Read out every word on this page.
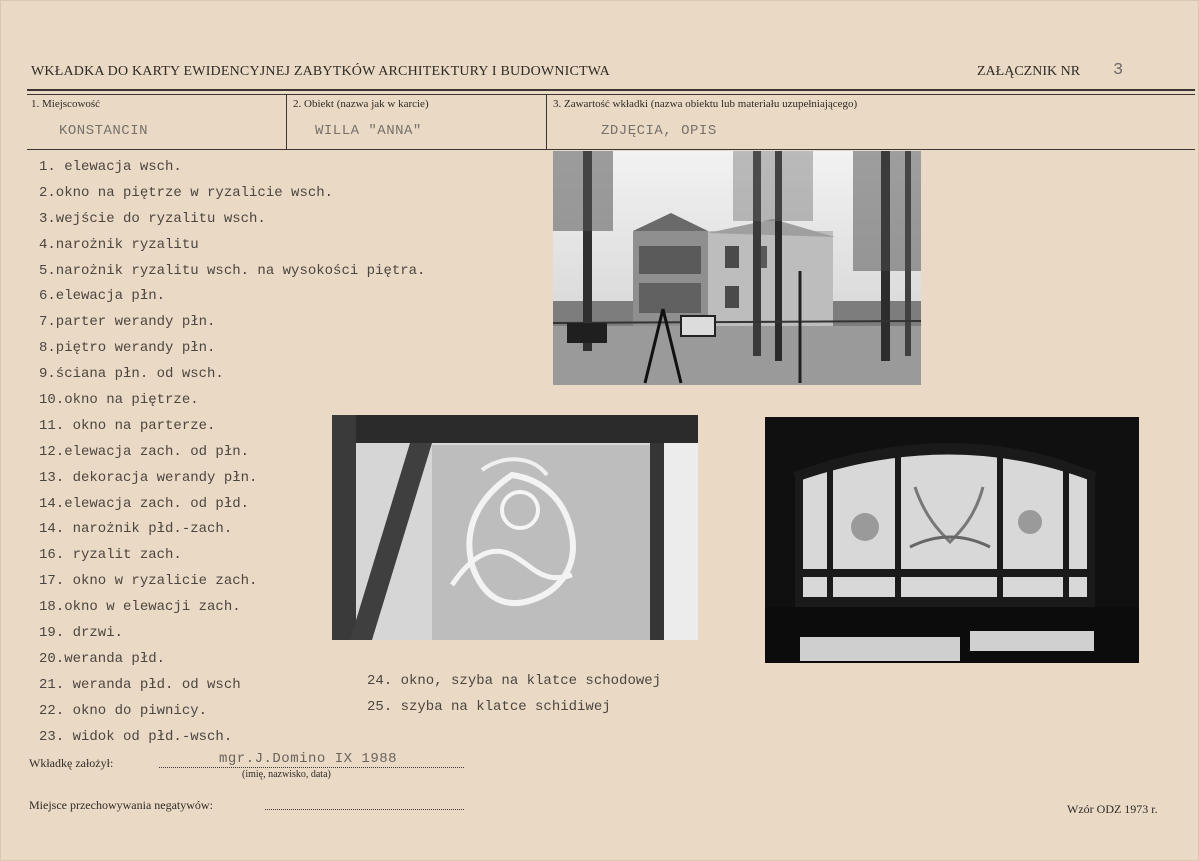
WKŁADKA DO KARTY EWIDENCYJNEJ ZABYTKÓW ARCHITEKTURY I BUDOWNICTWA	ZAŁĄCZNIK NR 3
1. Miejscowość
KONSTANCIN
2. Obiekt (nazwa jak w karcie)
WILLA "ANNA"
3. Zawartość wkładki (nazwa obiektu lub materiału uzupełniającego)
ZDJĘCIA, OPIS
1. elewacja wsch.
2.okno na piętrze w ryzalicie wsch.
3.wejście do ryzalitu wsch.
4.narożnik ryzalitu
5.narożnik ryzalitu wsch. na wysokości piętra.
6.elewacja płn.
7.parter werandy płn.
8.piętro werandy płn.
9.ściana płn. od wsch.
10.okno na piętrze.
11. okno na parterze.
12.elewacja zach. od płn.
13. dekoracja werandy płn.
14.elewacja zach. od płd.
14. narożnik płd.-zach.
16. ryzalit zach.
17. okno w ryzalicie zach.
18.okno w elewacji zach.
19. drzwi.
20.weranda płd.
21. weranda płd. od wsch
22. okno do piwnicy.
23. widok od płd.-wsch.
24. okno, szyba na klatce schodowej
25. szyba na klatce schidiwej
Wkładkę założył:	mgr.J.Domino IX 1988
(imię, nazwisko, data)
Miejsce przechowywania negatywów:	Wzór ODZ 1973 r.
